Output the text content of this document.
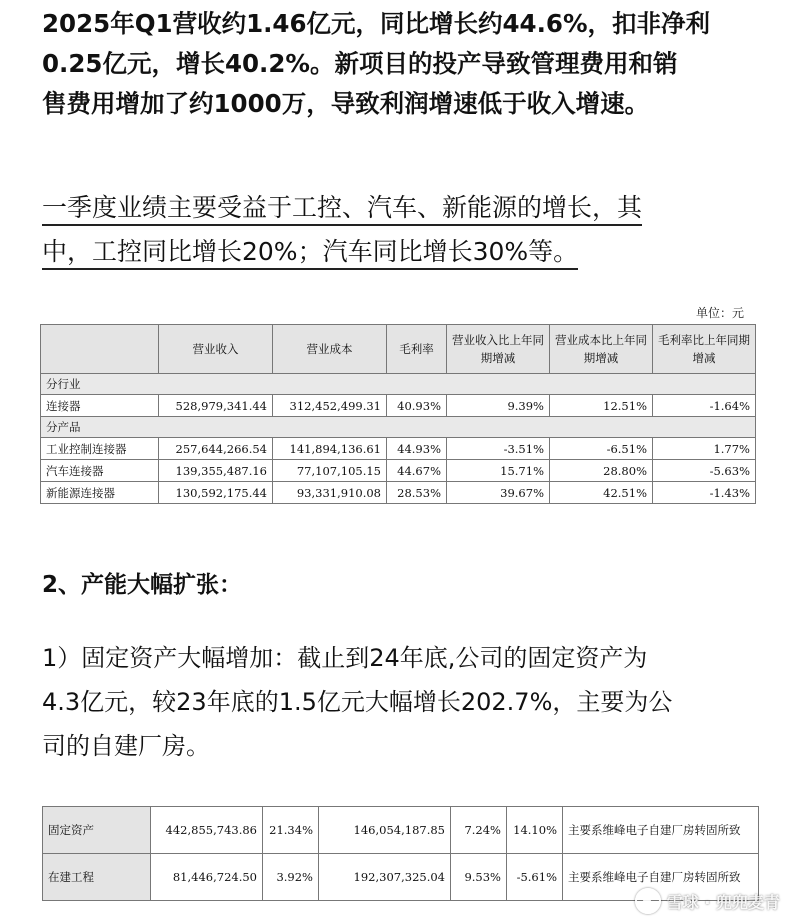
2025年Q1营收约1.46亿元，同比增长约44.6%，扣非净利
0.25亿元，增长40.2%。新项目的投产导致管理费用和销
售费用增加了约1000万，导致利润增速低于收入增速。
一季度业绩主要受益于工控、汽车、新能源的增长，其
中，工控同比增长20%；汽车同比增长30%等。
单位：元
	营业收入	营业成本	毛利率	营业收入比上年同期增减	营业成本比上年同期增减	毛利率比上年同期增减
分行业						
连接器	528,979,341.44	312,452,499.31	40.93%	9.39%	12.51%	-1.64%
分产品						
工业控制连接器	257,644,266.54	141,894,136.61	44.93%	-3.51%	-6.51%	1.77%
汽车连接器	139,355,487.16	77,107,105.15	44.67%	15.71%	28.80%	-5.63%
新能源连接器	130,592,175.44	93,331,910.08	28.53%	39.67%	42.51%	-1.43%
2、产能大幅扩张：
1）固定资产大幅增加：截止到24年底,公司的固定资产为
4.3亿元，较23年底的1.5亿元大幅增长202.7%，主要为公
司的自建厂房。
固定资产	442,855,743.86	21.34%	146,054,187.85	7.24%	14.10%	主要系维峰电子自建厂房转固所致
在建工程	81,446,724.50	3.92%	192,307,325.04	9.53%	-5.61%	主要系维峰电子自建厂房转固所致
雪球 · 兜兜麦青
